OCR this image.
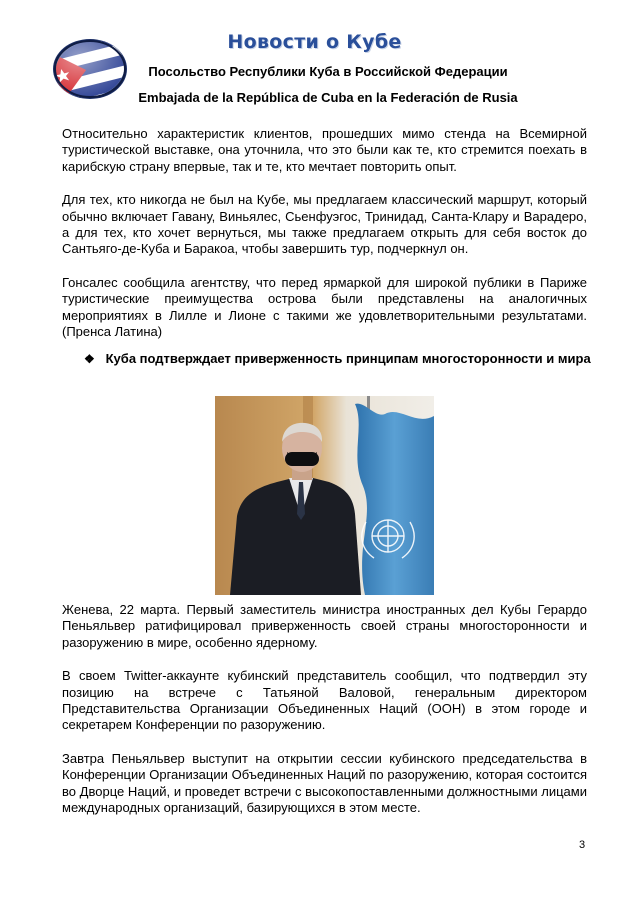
Новости о Кубе
Посольство Республики Куба в Российской Федерации
Embajada de la República de Cuba en la Federación de Rusia

Относительно характеристик клиентов, прошедших мимо стенда на Всемирной туристической выставке, она уточнила, что это были как те, кто стремится поехать в карибскую страну впервые, так и те, кто мечтает повторить опыт.

Для тех, кто никогда не был на Кубе, мы предлагаем классический маршрут, который обычно включает Гавану, Виньялес, Сьенфуэгос, Тринидад, Санта-Клару и Варадеро, а для тех, кто хочет вернуться, мы также предлагаем открыть для себя восток до Сантьяго-де-Куба и Баракоа, чтобы завершить тур, подчеркнул он.

Гонсалес сообщила агентству, что перед ярмаркой для широкой публики в Париже туристические преимущества острова были представлены на аналогичных мероприятиях в Лилле и Лионе с такими же удовлетворительными результатами. (Пренса Латина)

❖ Куба подтверждает приверженность принципам многосторонности и мира

Женева, 22 марта. Первый заместитель министра иностранных дел Кубы Герардо Пеньяльвер ратифицировал приверженность своей страны многосторонности и разоружению в мире, особенно ядерному.

В своем Twitter-аккаунте кубинский представитель сообщил, что подтвердил эту позицию на встрече с Татьяной Валовой, генеральным директором Представительства Организации Объединенных Наций (ООН) в этом городе и секретарем Конференции по разоружению.

Завтра Пеньяльвер выступит на открытии сессии кубинского председательства в Конференции Организации Объединенных Наций по разоружению, которая состоится во Дворце Наций, и проведет встречи с высокопоставленными должностными лицами международных организаций, базирующихся в этом месте.

3
